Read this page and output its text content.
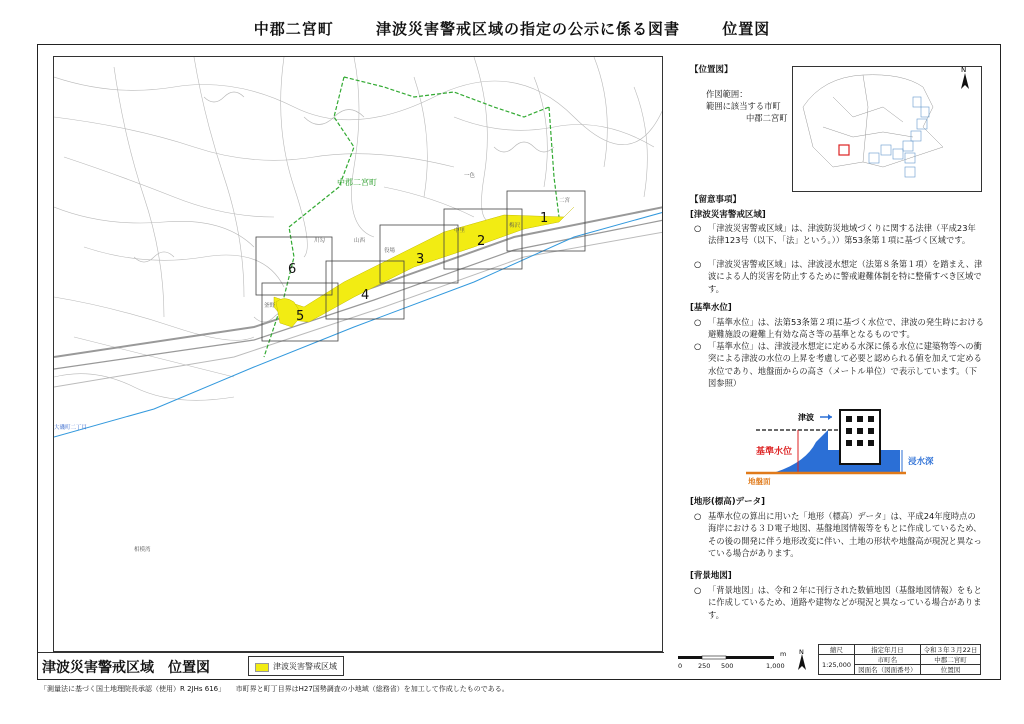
中郡二宮町	津波災害警戒区域の指定の公示に係る図書	位置図
1
2
3
4
5
6
中郡二宮町
二宮
中里
梅沢
一色
山西
大磯町二丁目
相模湾
役場
川勾
釜野
津波災害警戒区域　位置図	津波災害警戒区域
【位置図】
作図範囲：
範囲に該当する市町
中郡二宮町
N
【留意事項】
[津波災害警戒区域]
○ 「津波災害警戒区域」は、津波防災地域づくりに関する法律（平成23年法律123号（以下、「法」という。））第53条第１項に基づく区域です。
○ 「津波災害警戒区域」は、津波浸水想定（法第８条第１項）を踏まえ、津波による人的災害を防止するために警戒避難体制を特に整備すべき区域です。
[基準水位]
○ 「基準水位」は、法第53条第２項に基づく水位で、津波の発生時における避難施設の避難上有効な高さ等の基準となるものです。
○ 「基準水位」は、津波浸水想定に定める水深に係る水位に建築物等への衝突による津波の水位の上昇を考慮して必要と認められる値を加えて定める水位であり、地盤面からの高さ（メートル単位）で表示しています。（下図参照）
津波
基準水位
浸水深
地盤面
[地形(標高)データ]
○ 基準水位の算出に用いた「地形（標高）データ」は、平成24年度時点の海岸における３Ｄ電子地図、基盤地図情報等をもとに作成しているため、その後の開発に伴う地形改変に伴い、土地の形状や地盤高が現況と異なっている場合があります。
[背景地図]
○ 「背景地図」は、令和２年に刊行された数値地図（基盤地図情報）をもとに作成しているため、道路や建物などが現況と異なっている場合があります。
0 250 500	1,000
m N	縮尺	指定年月日	令和３年３月22日
1:25,000	市町名	中郡二宮町
	図面名（図面番号）	位置図
「測量法に基づく国土地理院長承認（使用）R 2JHs 616」　　市町界と町丁目界はH27国勢調査の小地域（総務省）を加工して作成したものである。
